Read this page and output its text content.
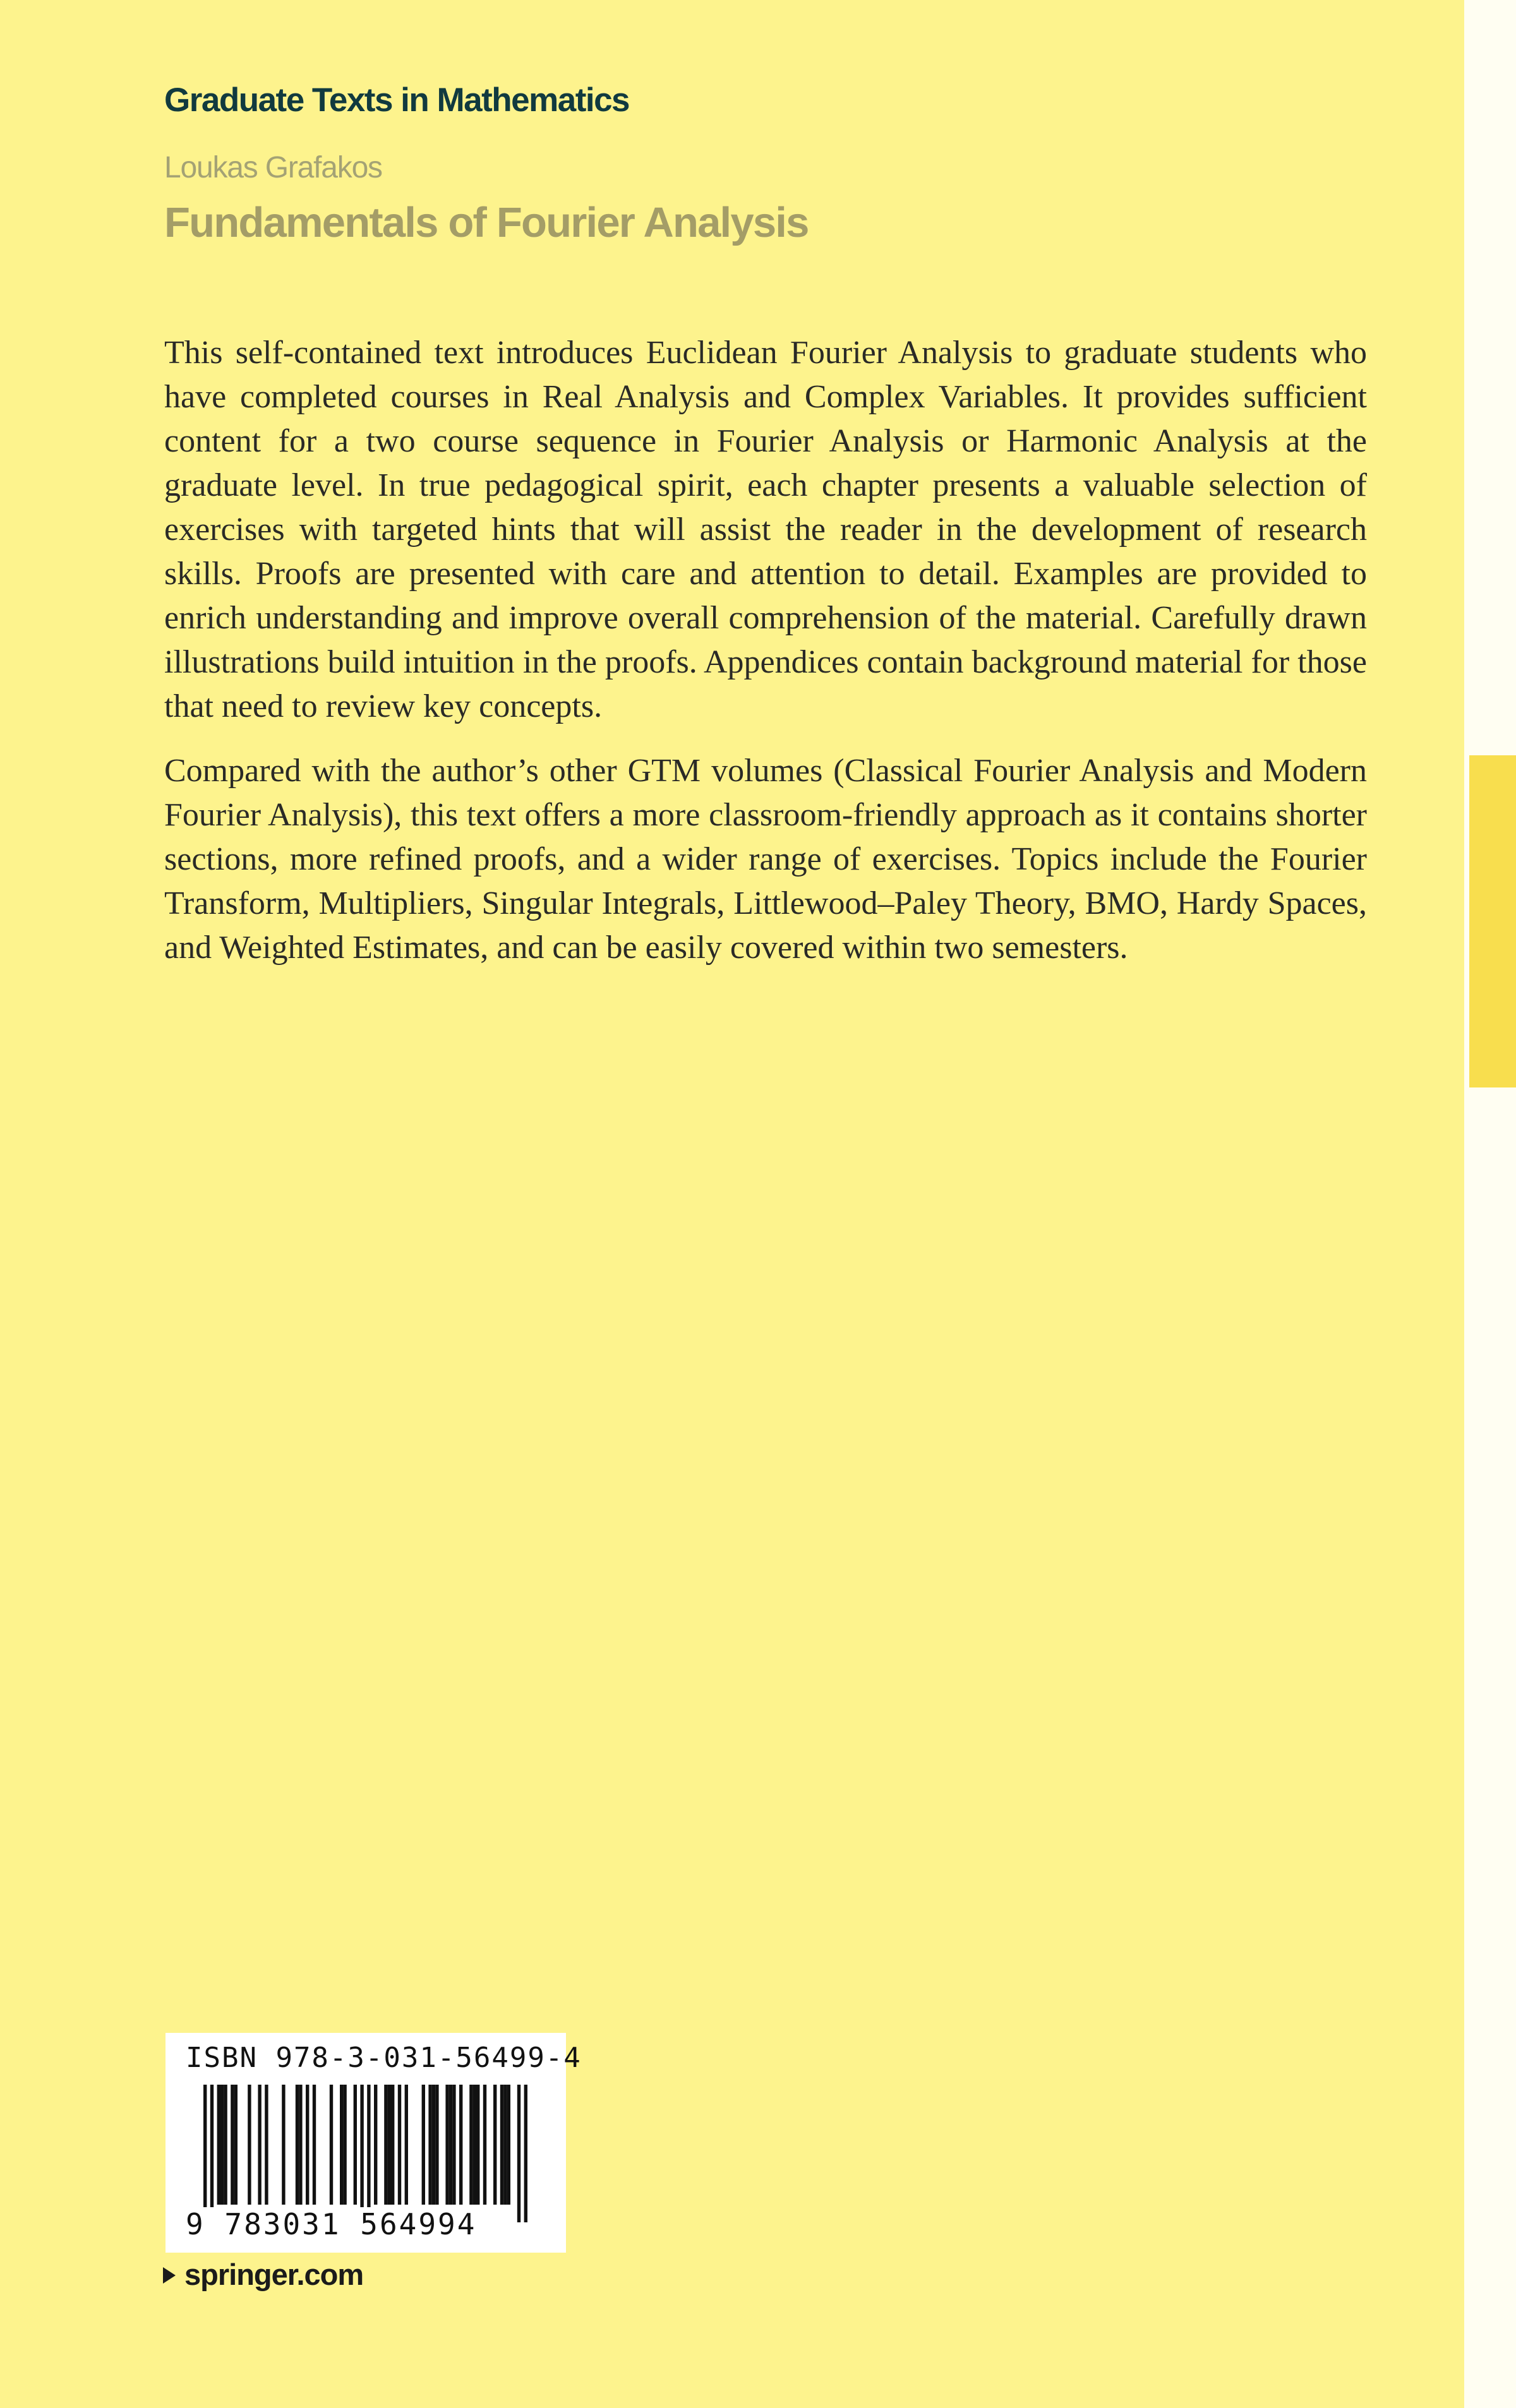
Graduate Texts in Mathematics
Loukas Grafakos
Fundamentals of Fourier Analysis

This self-contained text introduces Euclidean Fourier Analysis to graduate students who have completed courses in Real Analysis and Complex Variables. It provides sufficient content for a two course sequence in Fourier Analysis or Harmonic Analysis at the graduate level. In true pedagogical spirit, each chapter presents a valuable selection of exercises with targeted hints that will assist the reader in the development of research skills. Proofs are presented with care and attention to detail. Examples are provided to enrich understanding and improve overall comprehension of the material. Carefully drawn illustrations build intuition in the proofs. Appendices contain background material for those that need to review key concepts.

Compared with the author’s other GTM volumes (Classical Fourier Analysis and Modern Fourier Analysis), this text offers a more classroom-friendly approach as it contains shorter sections, more refined proofs, and a wider range of exercises. Topics include the Fourier Transform, Multipliers, Singular Integrals, Littlewood–Paley Theory, BMO, Hardy Spaces, and Weighted Estimates, and can be easily covered within two semesters.

ISBN 978-3-031-56499-4
9 783031 564994
springer.com
